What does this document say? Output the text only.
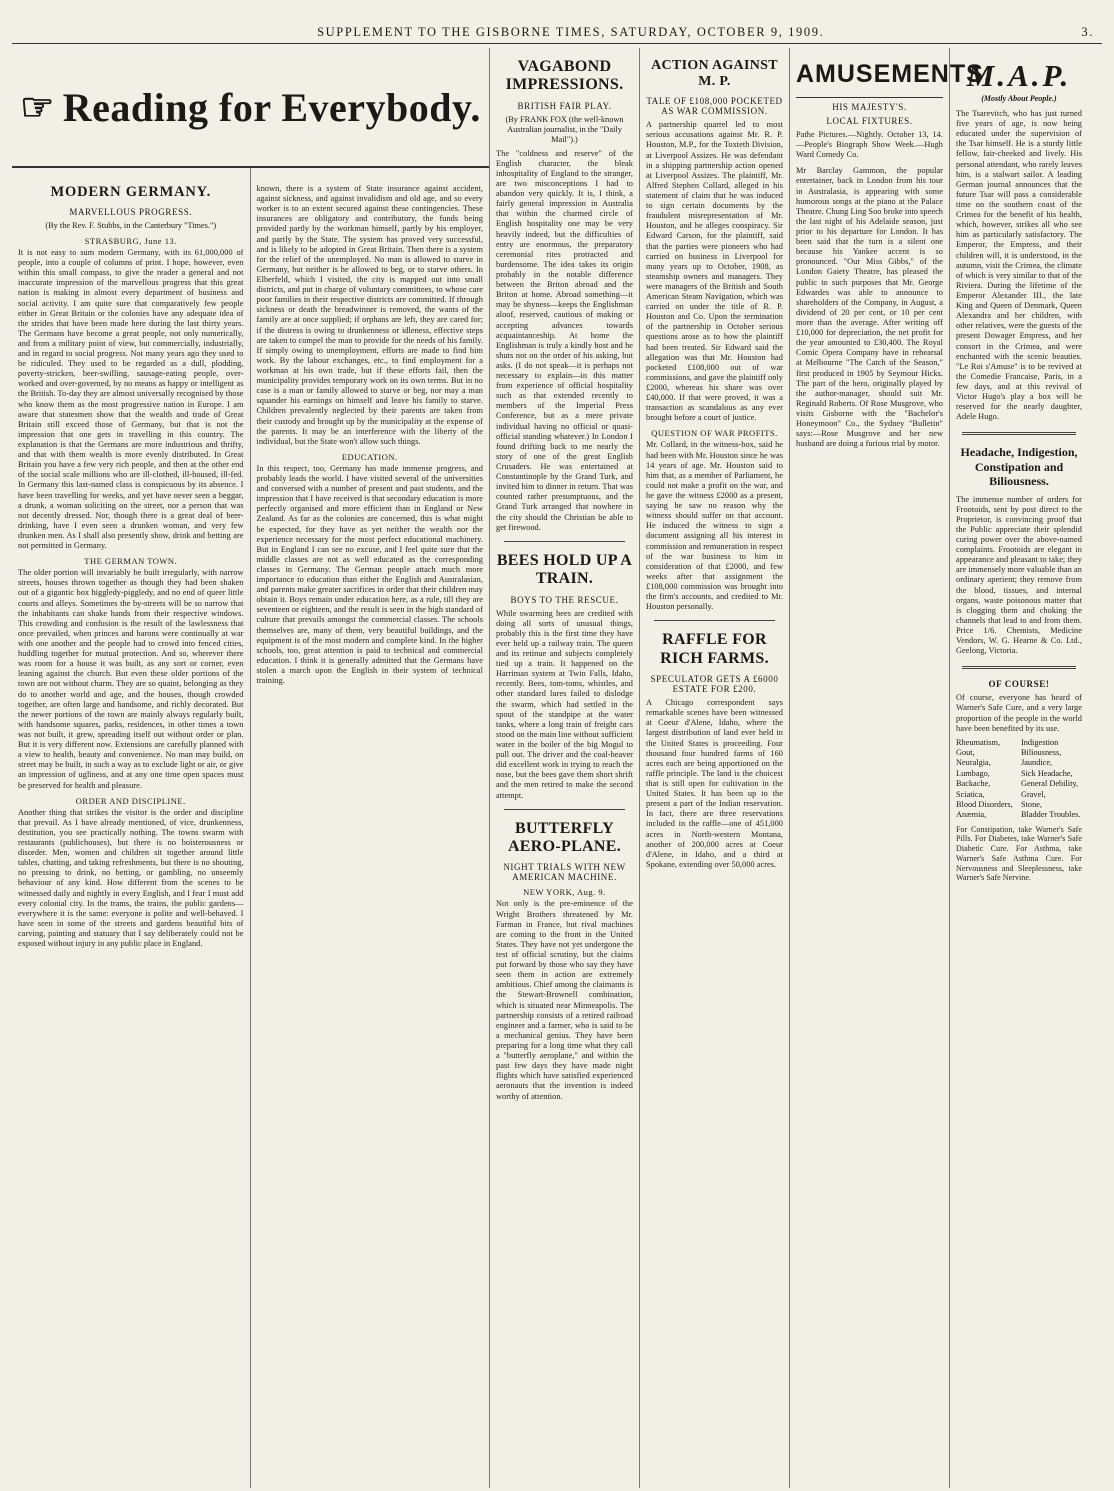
SUPPLEMENT TO THE GISBORNE TIMES, SATURDAY, OCTOBER 9, 1909.	3.
☞ Reading for Everybody.
MODERN GERMANY.
MARVELLOUS PROGRESS.
(By the Rev. F. Stubbs, in the Canterbury "Times.")
STRASBURG, June 13.
It is not easy to sum modern Germany, with its 61,000,000 of people, into a couple of columns of print. I hope, however, even within this small compass, to give the reader a general and not inaccurate impression of the marvellous progress that this great nation is making in almost every department of business and social activity. I am quite sure that comparatively few people either in Great Britain or the colonies have any adequate idea of the strides that have been made here during the last thirty years. The Germans have become a great people, not only numerically, and from a military point of view, but commercially, industrially, and in regard to social progress. Not many years ago they used to be ridiculed. They used to be regarded as a dull, plodding, poverty-stricken, beer-swilling, sausage-eating people, over-worked and over-governed, by no means as happy or intelligent as the British. To-day they are almost universally recognised by those who know them as the most progressive nation in Europe. I am aware that statesmen show that the wealth and trade of Great Britain still exceed those of Germany, but that is not the impression that one gets in travelling in this country. The explanation is that the Germans are more industrious and thrifty, and that with them wealth is more evenly distributed. In Great Britain you have a few very rich people, and then at the other end of the social scale millions who are ill-clothed, ill-housed, ill-fed. In Germany this last-named class is conspicuous by its absence. I have been travelling for weeks, and yet have never seen a beggar, a drunk, a woman soliciting on the street, nor a person that was not decently dressed. Nor, though there is a great deal of beer-drinking, have I even seen a drunken woman, and very few drunken men. As I shall also presently show, drink and betting are not permitted in Germany.
THE GERMAN TOWN.
The older portion will invariably be built irregularly, with narrow streets, houses thrown together as though they had been shaken out of a gigantic box higgledy-piggledy, and no end of queer little courts and alleys. Sometimes the by-streets will be so narrow that the inhabitants can shake hands from their respective windows. This crowding and confusion is the result of the lawlessness that once prevailed, when princes and barons were continually at war with one another and the people had to crowd into fenced cities, huddling together for mutual protection. And so, wherever there was room for a house it was built, as any sort or corner, even leaning against the church. But even these older portions of the town are not without charm. They are so quaint, belonging as they do to another world and age, and the houses, though crowded together, are often large and handsome, and richly decorated. But the newer portions of the town are mainly always regularly built, with handsome squares, parks, residences, in other times a town was not built, it grew, spreading itself out without order or plan. But it is very different now. Extensions are carefully planned with a view to health, beauty and convenience. No man may build, on street may be built, in such a way as to exclude light or air, or give an impression of ugliness, and at any one time open spaces must be preserved for health and pleasure.
ORDER AND DISCIPLINE.
Another thing that strikes the visitor is the order and discipline that prevail. As I have already mentioned, of vice, drunkenness, destitution, you see practically nothing. The towns swarm with restaurants (publichouses), but there is no boisterousness or disorder. Men, women and children sit together around little tables, chatting, and taking refreshments, but there is no shouting, no pressing to drink, no betting, or gambling, no unseemly behaviour of any kind. How different from the scenes to be witnessed daily and nightly in every English, and I fear I must add every colonial city. In the trams, the trains, the public gardens—everywhere it is the same: everyone is polite and well-behaved. I have seen in some of the streets and gardens beautiful bits of carving, painting and statuary that I say deliberately could not be exposed without injury in any public place in England.
known, there is a system of State insurance against accident, against sickness, and against invalidism and old age, and so every worker is to an extent secured against these contingencies. These insurances are obligatory and contributory, the funds being provided partly by the workman himself, partly by his employer, and partly by the State. The system has proved very successful, and is likely to be adopted in Great Britain. Then there is a system for the relief of the unemployed. No man is allowed to starve in Germany, but neither is he allowed to beg, or to starve others. In Elberfeld, which I visited, the city is mapped out into small districts, and put in charge of voluntary committees, to whose care poor families in their respective districts are committed. If through sickness or death the breadwinner is removed, the wants of the family are at once supplied; if orphans are left, they are cared for; if the distress is owing to drunkenness or idleness, effective steps are taken to compel the man to provide for the needs of his family. If simply owing to unemployment, efforts are made to find him work. By the labour exchanges, etc., to find employment for a workman at his own trade, but if these efforts fail, then the municipality provides temporary work on its own terms. But in no case is a man or family allowed to starve or beg, nor may a man squander his earnings on himself and leave his family to starve. Children prevalently neglected by their parents are taken from their custody and brought up by the municipality at the expense of the parents. It may be an interference with the liberty of the individual, but the State won't allow such things.
EDUCATION.
In this respect, too, Germany has made immense progress, and probably leads the world. I have visited several of the universities and conversed with a number of present and past students, and the impression that I have received is that secondary education is more perfectly organised and more efficient than in England or New Zealand. As far as the colonies are concerned, this is what might be expected, for they have as yet neither the wealth nor the experience necessary for the most perfect educational machinery. But in England I can see no excuse, and I feel quite sure that the middle classes are not as well educated as the corresponding classes in Germany. The German people attach much more importance to education than either the English and Australasian, and parents make greater sacrifices in order that their children may obtain it. Boys remain under education here, as a rule, till they are seventeen or eighteen, and the result is seen in the high standard of culture that prevails amongst the commercial classes. The schools themselves are, many of them, very beautiful buildings, and the equipment is of the most modern and complete kind. In the higher schools, too, great attention is paid to technical and commercial education. I think it is generally admitted that the Germans have stolen a march upon the English in their system of technical training.
VAGABOND IMPRESSIONS.
BRITISH FAIR PLAY.
(By FRANK FOX (the well-known Australian journalist, in the "Daily Mail").)
The "coldness and reserve" of the English character, the bleak inhospitality of England to the stranger, are two misconceptions I had to abandon very quickly. It is, I think, a fairly general impression in Australia that within the charmed circle of English hospitality one may be very heavily indeed, but the difficulties of entry are enormous, the preparatory ceremonial rites protracted and burdensome. The idea takes its origin probably in the notable difference between the Briton abroad and the Briton at home. Abroad something—it may be shyness—keeps the Englishman aloof, reserved, cautious of making or accepting advances towards acquaintanceship. At home the Englishman is truly a kindly host and he shuts not on the order of his asking, but asks. (I do not speak—it is perhaps not necessary to explain—in this matter from experience of official hospitality such as that extended recently to members of the Imperial Press Conference, but as a mere private individual having no official or quasi-official standing whatever.) In London I found drifting back to me nearly the story of one of the great English Crusaders. He was entertained at Constantinople by the Grand Turk, and invited him to dinner in return. That was counted rather presumptuous, and the Grand Turk arranged that nowhere in the city should the Christian be able to get firewood.
BEES HOLD UP A TRAIN.
BOYS TO THE RESCUE.
While swarming bees are credited with doing all sorts of unusual things, probably this is the first time they have ever held up a railway train. The queen and its retinue and subjects completely tied up a train. It happened on the Harriman system at Twin Falls, Idaho, recently. Bees, tom-toms, whistles, and other standard lures failed to dislodge the swarm, which had settled in the spout of the standpipe at the water tanks, where a long train of freight cars stood on the main line without sufficient water in the boiler of the big Mogul to pull out. The driver and the coal-heaver did excellent work in trying to reach the nose, but the bees gave them short shrift and the men retired to make the second attempt.
BUTTERFLY AERO-PLANE.
NIGHT TRIALS WITH NEW AMERICAN MACHINE.
NEW YORK, Aug. 9.
Not only is the pre-eminence of the Wright Brothers threatened by Mr. Farman in France, but rival machines are coming to the front in the United States. They have not yet undergone the test of official scrutiny, but the claims put forward by those who say they have seen them in action are extremely ambitious. Chief among the claimants is the Stewart-Brownell combination, which is situated near Minneapolis. The partnership consists of a retired railroad engineer and a farmer, who is said to be a mechanical genius. They have been preparing for a long time what they call a "butterfly aeroplane," and within the past few days they have made night flights which have satisfied experienced aeronauts that the invention is indeed worthy of attention.
ACTION AGAINST M. P.
TALE OF £108,000 POCKETED AS WAR COMMISSION.
A partnership quarrel led to most serious accusations against Mr. R. P. Houston, M.P., for the Toxteth Division, at Liverpool Assizes. He was defendant in a shipping partnership action opened at Liverpool Assizes. The plaintiff, Mr. Alfred Stephen Collard, alleged in his statement of claim that he was induced to sign certain documents by the fraudulent misrepresentation of Mr. Houston, and he alleges conspiracy. Sir Edward Carson, for the plaintiff, said that the parties were pioneers who had carried on business in Liverpool for many years up to October, 1908, as steamship owners and managers. They were managers of the British and South American Steam Navigation, which was carried on under the title of R. P. Houston and Co. Upon the termination of the partnership in October serious questions arose as to how the plaintiff had been treated. Sir Edward said the allegation was that Mr. Houston had pocketed £108,000 out of war commissions, and gave the plaintiff only £2000, whereas his share was over £40,000. If that were proved, it was a transaction as scandalous as any ever brought before a court of justice.
QUESTION OF WAR PROFITS.
Mr. Collard, in the witness-box, said he had been with Mr. Houston since he was 14 years of age. Mr. Houston said to him that, as a member of Parliament, he could not make a profit on the war, and he gave the witness £2000 as a present, saying he saw no reason why the witness should suffer on that account. He induced the witness to sign a document assigning all his interest in commission and remuneration in respect of the war business to him in consideration of that £2000, and few weeks after that assignment the £108,000 commission was brought into the firm's accounts, and credited to Mr. Houston personally.
RAFFLE FOR RICH FARMS.
SPECULATOR GETS A £6000 ESTATE FOR £200.
A Chicago correspondent says remarkable scenes have been witnessed at Coeur d'Alene, Idaho, where the largest distribution of land ever held in the United States is proceeding. Four thousand four hundred farms of 160 acres each are being apportioned on the raffle principle. The land is the choicest that is still open for cultivation in the United States. It has been up to the present a part of the Indian reservation. In fact, there are three reservations included in the raffle—one of 451,000 acres in North-western Montana, another of 200,000 acres at Coeur d'Alene, in Idaho, and a third at Spokane, extending over 50,000 acres.
AMUSEMENTS.
HIS MAJESTY'S.
LOCAL FIXTURES.
Pathe Pictures.—Nightly. October 13, 14.—People's Biograph Show Week.—Hugh Ward Comedy Co.
Mr Barclay Gammon, the popular entertainer, back in London from his tour in Australasia, is appearing with some humorous songs at the piano at the Palace Theatre. Chung Ling Soo broke into speech the last night of his Adelaide season, just prior to his departure for London. It has been said that the turn is a silent one because his Yankee accent is so pronounced. "Our Miss Gibbs," of the London Gaiety Theatre, has pleased the public to such purposes that Mr. George Edwardes was able to announce to shareholders of the Company, in August, a dividend of 20 per cent, or 10 per cent more than the average. After writing off £10,000 for depreciation, the net profit for the year amounted to £30,400. The Royal Comic Opera Company have in rehearsal at Melbourne "The Catch of the Season," first produced in 1905 by Seymour Hicks. The part of the hero, originally played by the author-manager, should suit Mr. Reginald Roberts. Of Rose Musgrove, who visits Gisborne with the "Bachelor's Honeymoon" Co., the Sydney "Bulletin" says:—Rose Musgrove and her new husband are doing a furious trial by motor.
M.A.P.
(Mostly About People.)
The Tsarevitch, who has just turned five years of age, is now being educated under the supervision of the Tsar himself. He is a sturdy little fellow, fair-cheeked and lively. His personal attendant, who rarely leaves him, is a stalwart sailor. A leading German journal announces that the future Tsar will pass a considerable time on the southern coast of the Crimea for the benefit of his health, which, however, strikes all who see him as particularly satisfactory. The Emperor, the Empress, and their children will, it is understood, in the autumn, visit the Crimea, the climate of which is very similar to that of the Riviera. During the lifetime of the Emperor Alexander III., the late King and Queen of Denmark, Queen Alexandra and her children, with other relatives, were the guests of the present Dowager Empress, and her consort in the Crimea, and were enchanted with the scenic beauties. "Le Roi s'Amuse" is to be revived at the Comedie Francaise, Paris, in a few days, and at this revival of Victor Hugo's play a box will be reserved for the nearly daughter, Adele Hugo.
Headache, Indigestion, Constipation and Biliousness.
The immense number of orders for Frootoids, sent by post direct to the Proprietor, is convincing proof that the Public appreciate their splendid curing power over the above-named complaints. Frootoids are elegant in appearance and pleasant to take; they are immensely more valuable than an ordinary aperient; they remove from the blood, tissues, and internal organs, waste poisonous matter that is clogging them and choking the channels that lead to and from them. Price 1/6. Chemists, Medicine Vendors, W. G. Hearne & Co. Ltd., Geelong, Victoria.
OF COURSE!
Of course, everyone has heard of Warner's Safe Cure, and a very large proportion of the people in the world have been benefited by its use.
Rheumatism,	Indigestion
Gout,	Biliousness,
Neuralgia,	Jaundice,
Lumbago,	Sick Headache,
Backache,	General Debility,
Sciatica,	Gravel,
Blood Disorders, Stone,
Anæmia,	Bladder Troubles.
For Constipation, take Warner's Safe Pills. For Diabetes, take Warner's Safe Diabetic Cure. For Asthma, take Warner's Safe Asthma Cure. For Nervousness and Sleeplessness, take Warner's Safe Nervine.
